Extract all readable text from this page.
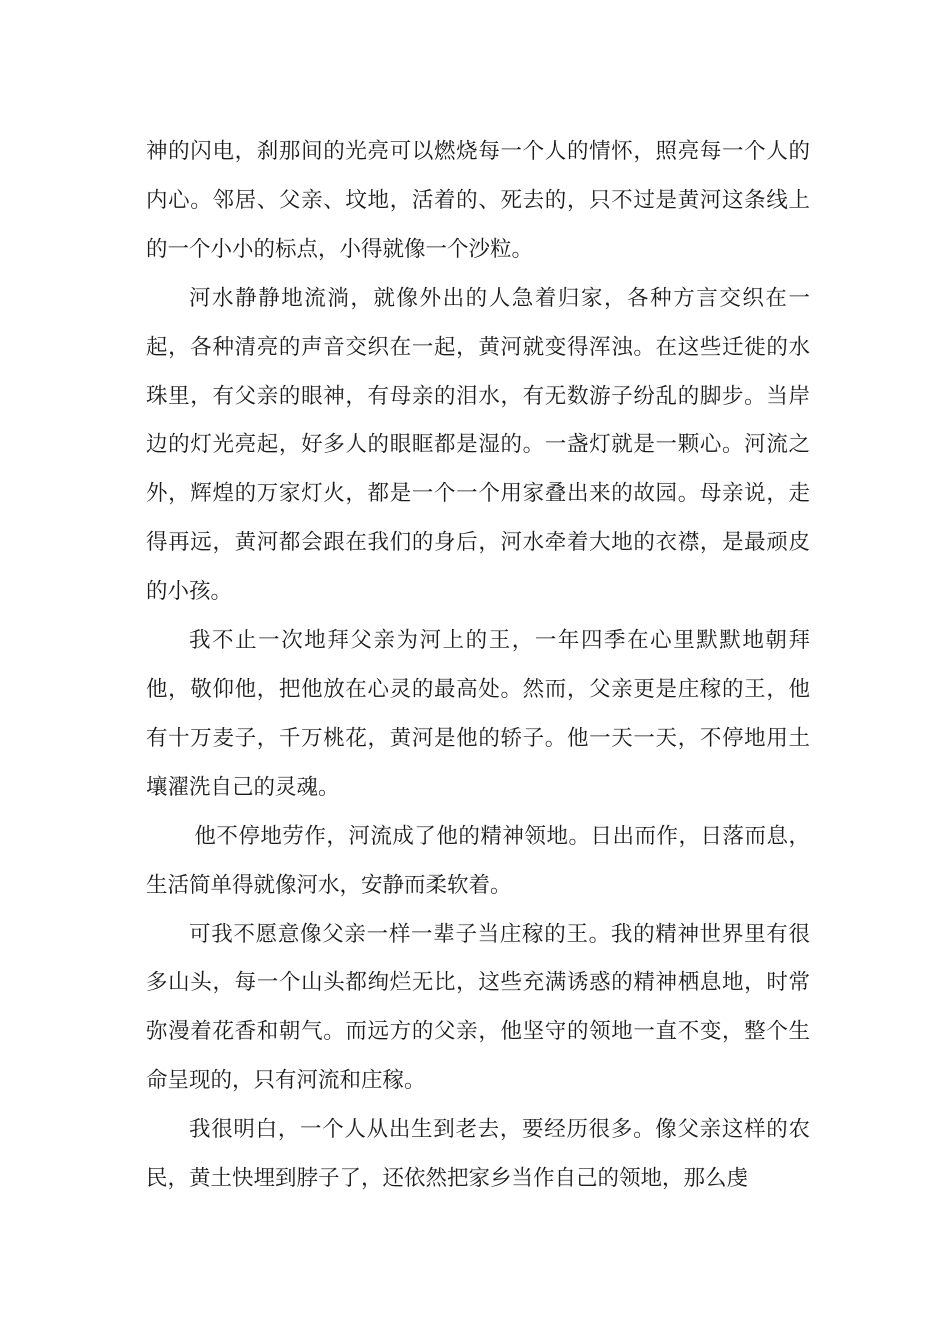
神的闪电，刹那间的光亮可以燃烧每一个人的情怀，照亮每一个人的内心。邻居、父亲、坟地，活着的、死去的，只不过是黄河这条线上的一个小小的标点，小得就像一个沙粒。

河水静静地流淌，就像外出的人急着归家，各种方言交织在一起，各种清亮的声音交织在一起，黄河就变得浑浊。在这些迁徙的水珠里，有父亲的眼神，有母亲的泪水，有无数游子纷乱的脚步。当岸边的灯光亮起，好多人的眼眶都是湿的。一盏灯就是一颗心。河流之外，辉煌的万家灯火，都是一个一个用家叠出来的故园。母亲说，走得再远，黄河都会跟在我们的身后，河水牵着大地的衣襟，是最顽皮的小孩。

我不止一次地拜父亲为河上的王，一年四季在心里默默地朝拜他，敬仰他，把他放在心灵的最高处。然而，父亲更是庄稼的王，他有十万麦子，千万桃花，黄河是他的轿子。他一天一天，不停地用土壤濯洗自己的灵魂。

他不停地劳作，河流成了他的精神领地。日出而作，日落而息，生活简单得就像河水，安静而柔软着。

可我不愿意像父亲一样一辈子当庄稼的王。我的精神世界里有很多山头，每一个山头都绚烂无比，这些充满诱惑的精神栖息地，时常弥漫着花香和朝气。而远方的父亲，他坚守的领地一直不变，整个生命呈现的，只有河流和庄稼。

我很明白，一个人从出生到老去，要经历很多。像父亲这样的农民，黄土快埋到脖子了，还依然把家乡当作自己的领地，那么虔
